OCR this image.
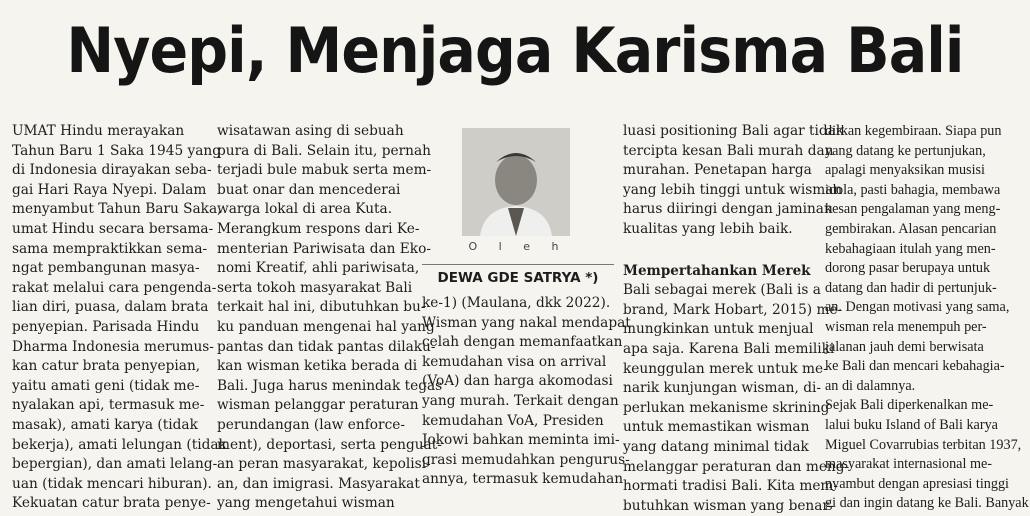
Nyepi, Menjaga Karisma Bali
UMAT Hindu merayakan
Tahun Baru 1 Saka 1945 yang
di Indonesia dirayakan seba-
gai Hari Raya Nyepi. Dalam
menyambut Tahun Baru Saka,
umat Hindu secara bersama-
sama mempraktikkan sema-
ngat pembangunan masya-
rakat melalui cara pengenda-
lian diri, puasa, dalam brata
penyepian. Parisada Hindu
Dharma Indonesia merumus-
kan catur brata penyepian,
yaitu amati geni (tidak me-
nyalakan api, termasuk me-
masak), amati karya (tidak
bekerja), amati lelungan (tidak
bepergian), dan amati lelang-
uan (tidak mencari hiburan).
Kekuatan catur brata penye-
wisatawan asing di sebuah
pura di Bali. Selain itu, pernah
terjadi bule mabuk serta mem-
buat onar dan mencederai
warga lokal di area Kuta.
Merangkum respons dari Ke-
menterian Pariwisata dan Eko-
nomi Kreatif, ahli pariwisata,
serta tokoh masyarakat Bali
terkait hal ini, dibutuhkan bu-
ku panduan mengenai hal yang
pantas dan tidak pantas dilaku-
kan wisman ketika berada di
Bali. Juga harus menindak tegas
wisman pelanggar peraturan
perundangan (law enforce-
ment), deportasi, serta penguat-
an peran masyarakat, kepolisi-
an, dan imigrasi. Masyarakat
yang mengetahui wisman
O l e h
DEWA GDE SATRYA *)
ke-1) (Maulana, dkk 2022).
Wisman yang nakal mendapat
celah dengan memanfaatkan
kemudahan visa on arrival
(VoA) dan harga akomodasi
yang murah. Terkait dengan
kemudahan VoA, Presiden
Jokowi bahkan meminta imi-
grasi memudahkan pengurus-
annya, termasuk kemudahan
luasi positioning Bali agar tidak
tercipta kesan Bali murah dan
murahan. Penetapan harga
yang lebih tinggi untuk wisman
harus diiringi dengan jaminan
kualitas yang lebih baik.
Mempertahankan Merek
Bali sebagai merek (Bali is a
brand, Mark Hobart, 2015) me-
mungkinkan untuk menjual
apa saja. Karena Bali memiliki
keunggulan merek untuk me-
narik kunjungan wisman, di-
perlukan mekanisme skrining
untuk memastikan wisman
yang datang minimal tidak
melanggar peraturan dan meng-
hormati tradisi Bali. Kita mem-
butuhkan wisman yang benar-
dirkan kegembiraan. Siapa pun
yang datang ke pertunjukan,
apalagi menyaksikan musisi
idola, pasti bahagia, membawa
kesan pengalaman yang meng-
gembirakan. Alasan pencarian
kebahagiaan itulah yang men-
dorong pasar berupaya untuk
datang dan hadir di pertunjuk-
an. Dengan motivasi yang sama,
wisman rela menempuh per-
jalanan jauh demi berwisata
ke Bali dan mencari kebahagia-
an di dalamnya.
Sejak Bali diperkenalkan me-
lalui buku Island of Bali karya
Miguel Covarrubias terbitan 1937,
masyarakat internasional me-
nyambut dengan apresiasi tinggi
gi dan ingin datang ke Bali. Banyak
